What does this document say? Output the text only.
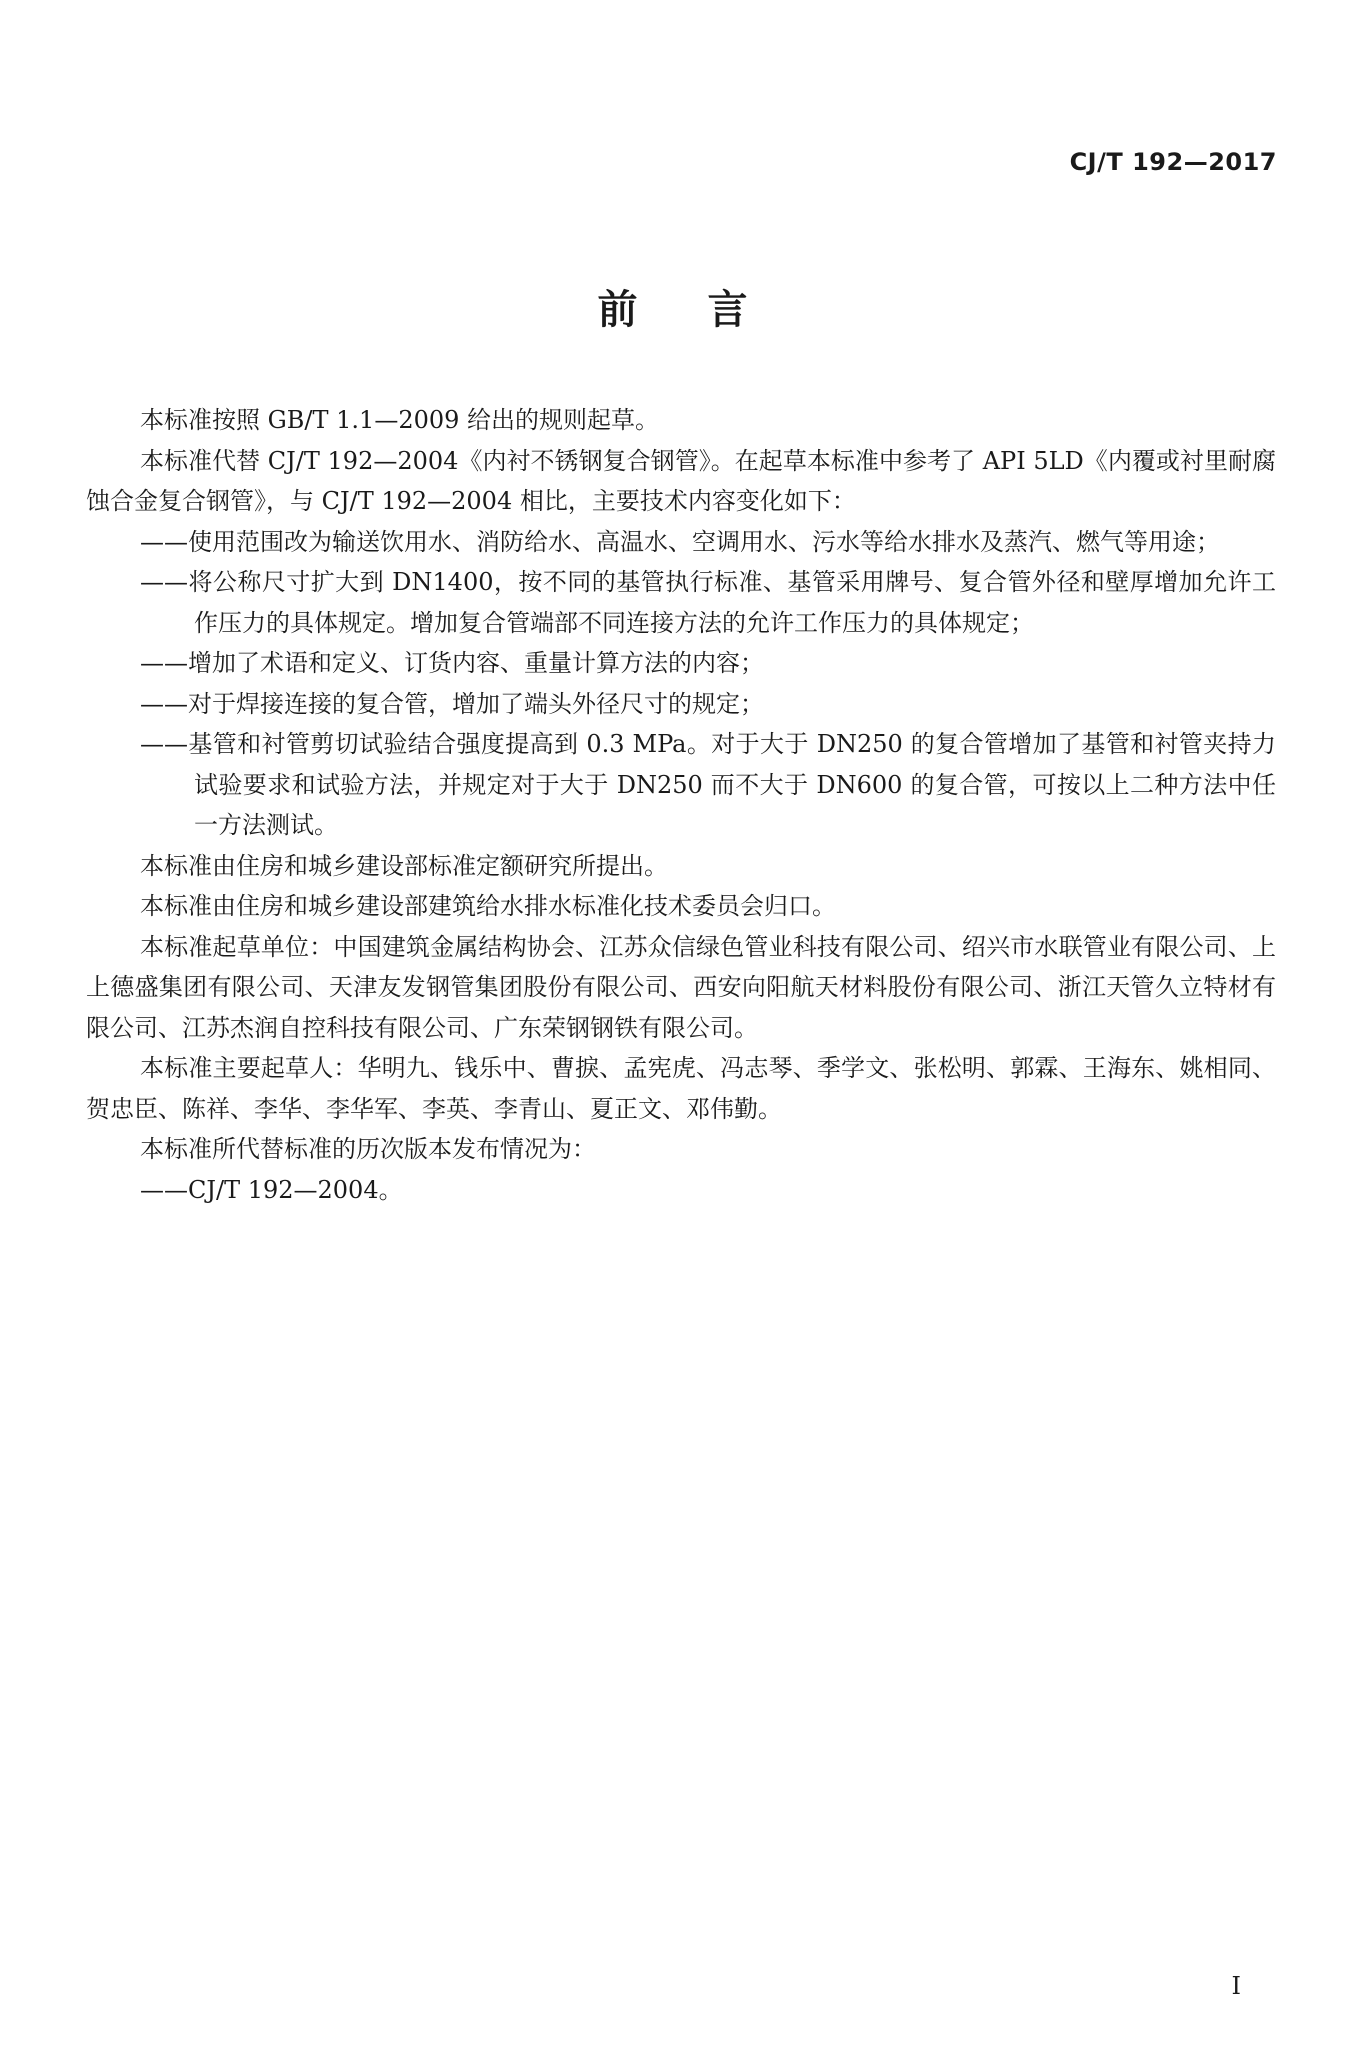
CJ/T 192—2017
前言

本标准按照 GB/T 1.1—2009 给出的规则起草。

本标准代替 CJ/T 192—2004《内衬不锈钢复合钢管》。在起草本标准中参考了 API 5LD《内覆或衬里耐腐蚀合金复合钢管》，与 CJ/T 192—2004 相比，主要技术内容变化如下：

——使用范围改为输送饮用水、消防给水、高温水、空调用水、污水等给水排水及蒸汽、燃气等用途；

——将公称尺寸扩大到 DN1400，按不同的基管执行标准、基管采用牌号、复合管外径和壁厚增加允许工作压力的具体规定。增加复合管端部不同连接方法的允许工作压力的具体规定；

——增加了术语和定义、订货内容、重量计算方法的内容；

——对于焊接连接的复合管，增加了端头外径尺寸的规定；

——基管和衬管剪切试验结合强度提高到 0.3 MPa。对于大于 DN250 的复合管增加了基管和衬管夹持力试验要求和试验方法，并规定对于大于 DN250 而不大于 DN600 的复合管，可按以上二种方法中任一方法测试。

本标准由住房和城乡建设部标准定额研究所提出。

本标准由住房和城乡建设部建筑给水排水标准化技术委员会归口。

本标准起草单位：中国建筑金属结构协会、江苏众信绿色管业科技有限公司、绍兴市水联管业有限公司、上上德盛集团有限公司、天津友发钢管集团股份有限公司、西安向阳航天材料股份有限公司、浙江天管久立特材有限公司、江苏杰润自控科技有限公司、广东荣钢钢铁有限公司。

本标准主要起草人：华明九、钱乐中、曹捩、孟宪虎、冯志琴、季学文、张松明、郭霖、王海东、姚相同、贺忠臣、陈祥、李华、李华军、李英、李青山、夏正文、邓伟勤。

本标准所代替标准的历次版本发布情况为：

——CJ/T 192—2004。

I
